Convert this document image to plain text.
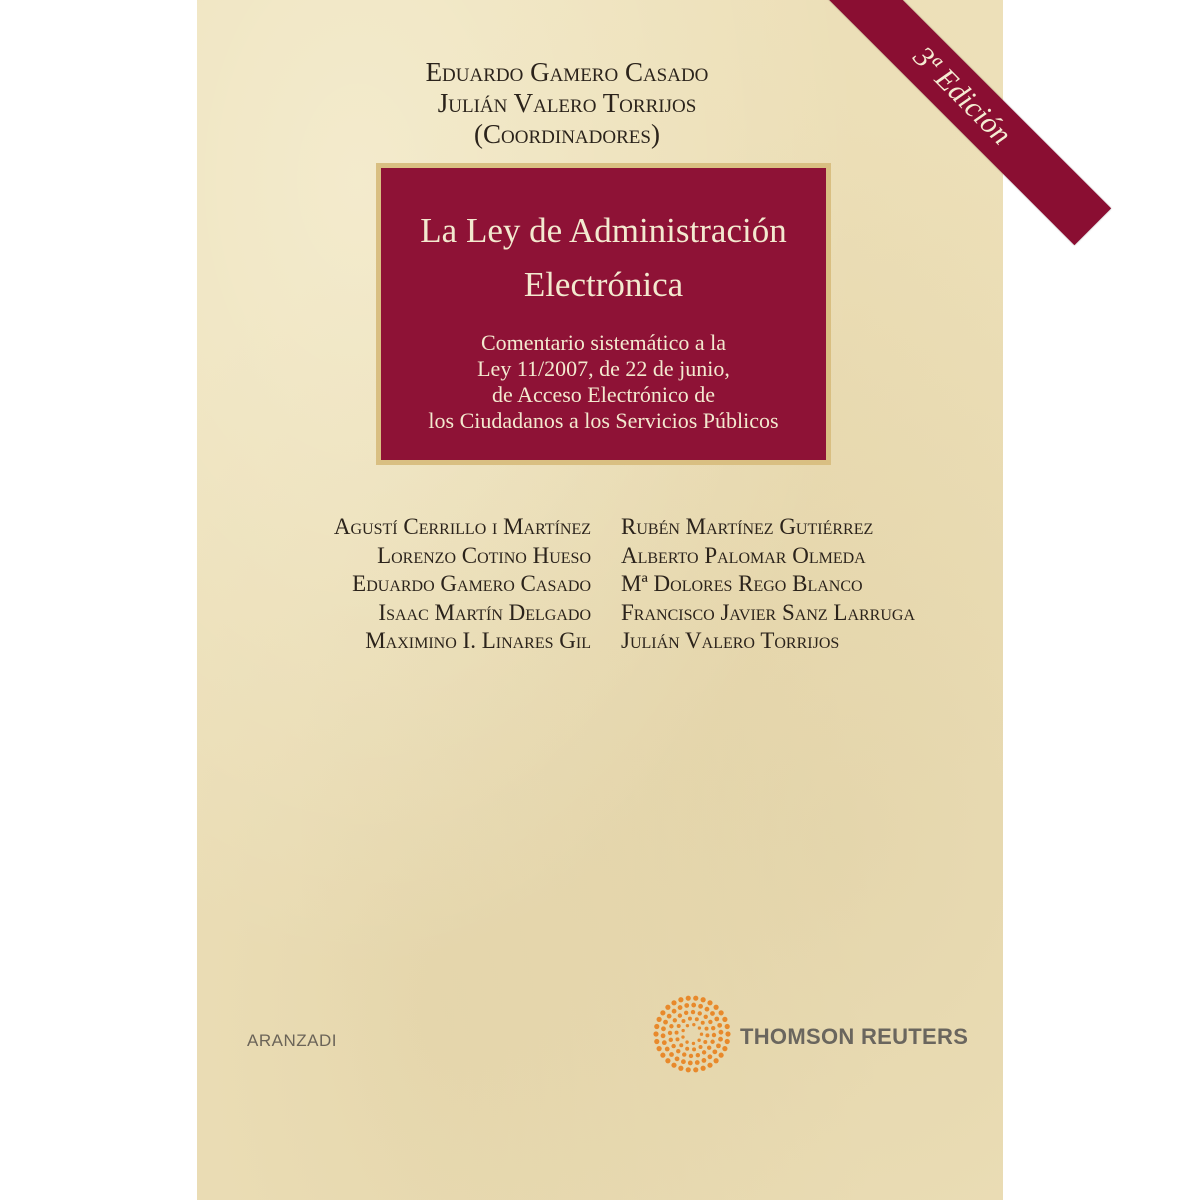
Eduardo Gamero Casado
Julián Valero Torrijos
(Coordinadores)	3ª Edición
La Ley de Administración
Electrónica
Comentario sistemático a la
Ley 11/2007, de 22 de junio,
de Acceso Electrónico de
los Ciudadanos a los Servicios Públicos
Agustí Cerrillo i Martínez
Lorenzo Cotino Hueso
Eduardo Gamero Casado
Isaac Martín Delgado
Maximino I. Linares Gil
Rubén Martínez Gutiérrez
Alberto Palomar Olmeda
Mª Dolores Rego Blanco
Francisco Javier Sanz Larruga
Julián Valero Torrijos
ARANZADI	THOMSON REUTERS
